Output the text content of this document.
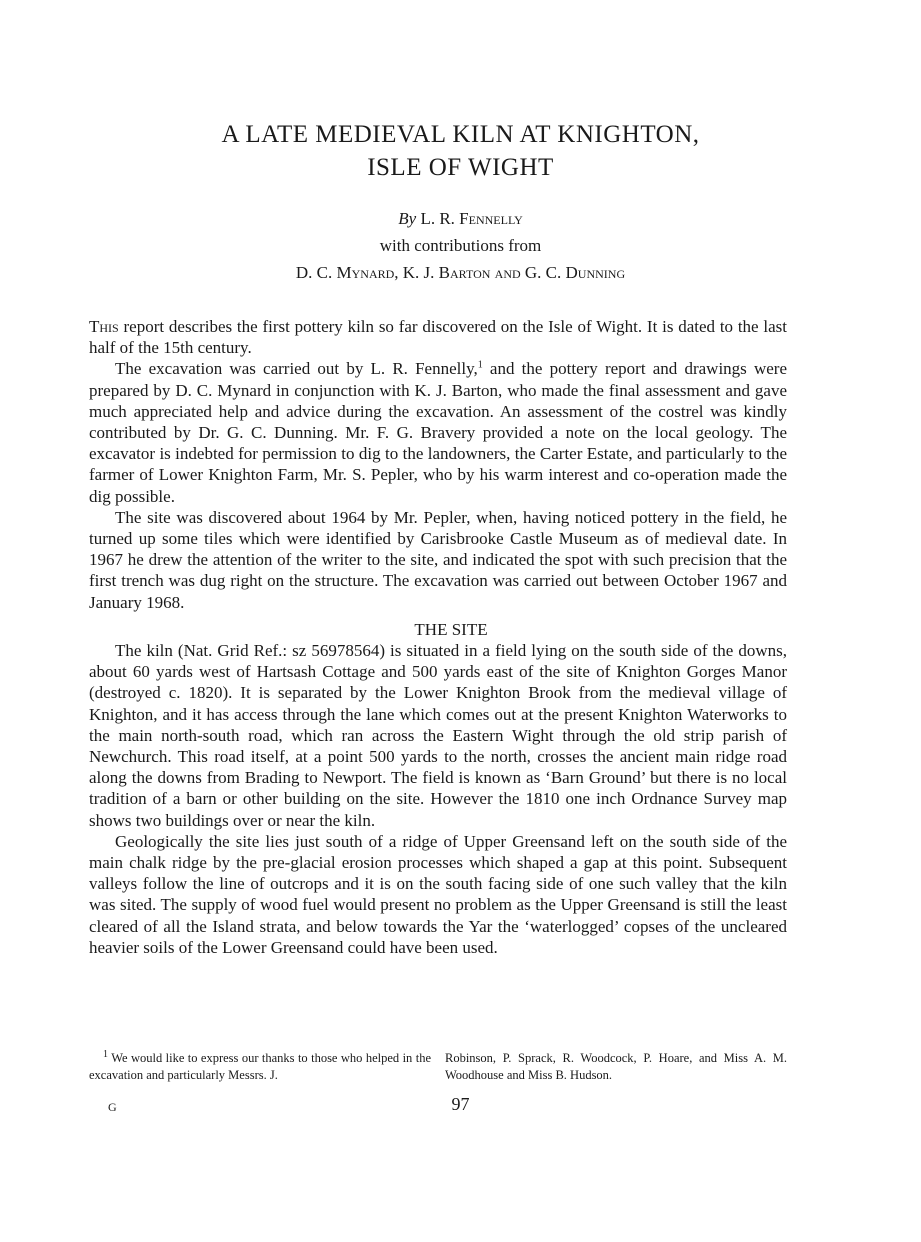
A LATE MEDIEVAL KILN AT KNIGHTON,
ISLE OF WIGHT
By L. R. Fennelly
with contributions from
D. C. Mynard, K. J. Barton and G. C. Dunning

This report describes the first pottery kiln so far discovered on the Isle of Wight. It is dated to the last half of the 15th century.

The excavation was carried out by L. R. Fennelly,$^1$ and the pottery report and drawings were prepared by D. C. Mynard in conjunction with K. J. Barton, who made the final assessment and gave much appreciated help and advice during the excavation. An assessment of the costrel was kindly contributed by Dr. G. C. Dunning. Mr. F. G. Bravery provided a note on the local geology. The excavator is indebted for permission to dig to the landowners, the Carter Estate, and particularly to the farmer of Lower Knighton Farm, Mr. S. Pepler, who by his warm interest and co-operation made the dig possible.

The site was discovered about 1964 by Mr. Pepler, when, having noticed pottery in the field, he turned up some tiles which were identified by Carisbrooke Castle Museum as of medieval date. In 1967 he drew the attention of the writer to the site, and indicated the spot with such precision that the first trench was dug right on the structure. The excavation was carried out between October 1967 and January 1968.

THE SITE

The kiln (Nat. Grid Ref.: sz 56978564) is situated in a field lying on the south side of the downs, about 60 yards west of Hartsash Cottage and 500 yards east of the site of Knighton Gorges Manor (destroyed c. 1820). It is separated by the Lower Knighton Brook from the medieval village of Knighton, and it has access through the lane which comes out at the present Knighton Waterworks to the main north-south road, which ran across the Eastern Wight through the old strip parish of Newchurch. This road itself, at a point 500 yards to the north, crosses the ancient main ridge road along the downs from Brading to Newport. The field is known as ‘Barn Ground’ but there is no local tradition of a barn or other building on the site. However the 1810 one inch Ordnance Survey map shows two buildings over or near the kiln.

Geologically the site lies just south of a ridge of Upper Greensand left on the south side of the main chalk ridge by the pre-glacial erosion processes which shaped a gap at this point. Subsequent valleys follow the line of outcrops and it is on the south facing side of one such valley that the kiln was sited. The supply of wood fuel would present no problem as the Upper Greensand is still the least cleared of all the Island strata, and below towards the Yar the ‘waterlogged’ copses of the uncleared heavier soils of the Lower Greensand could have been used.

$^1$ We would like to express our thanks to those who helped in the excavation and particularly Messrs. J.
Robinson, P. Sprack, R. Woodcock, P. Hoare, and Miss A. M. Woodhouse and Miss B. Hudson.
G	97
